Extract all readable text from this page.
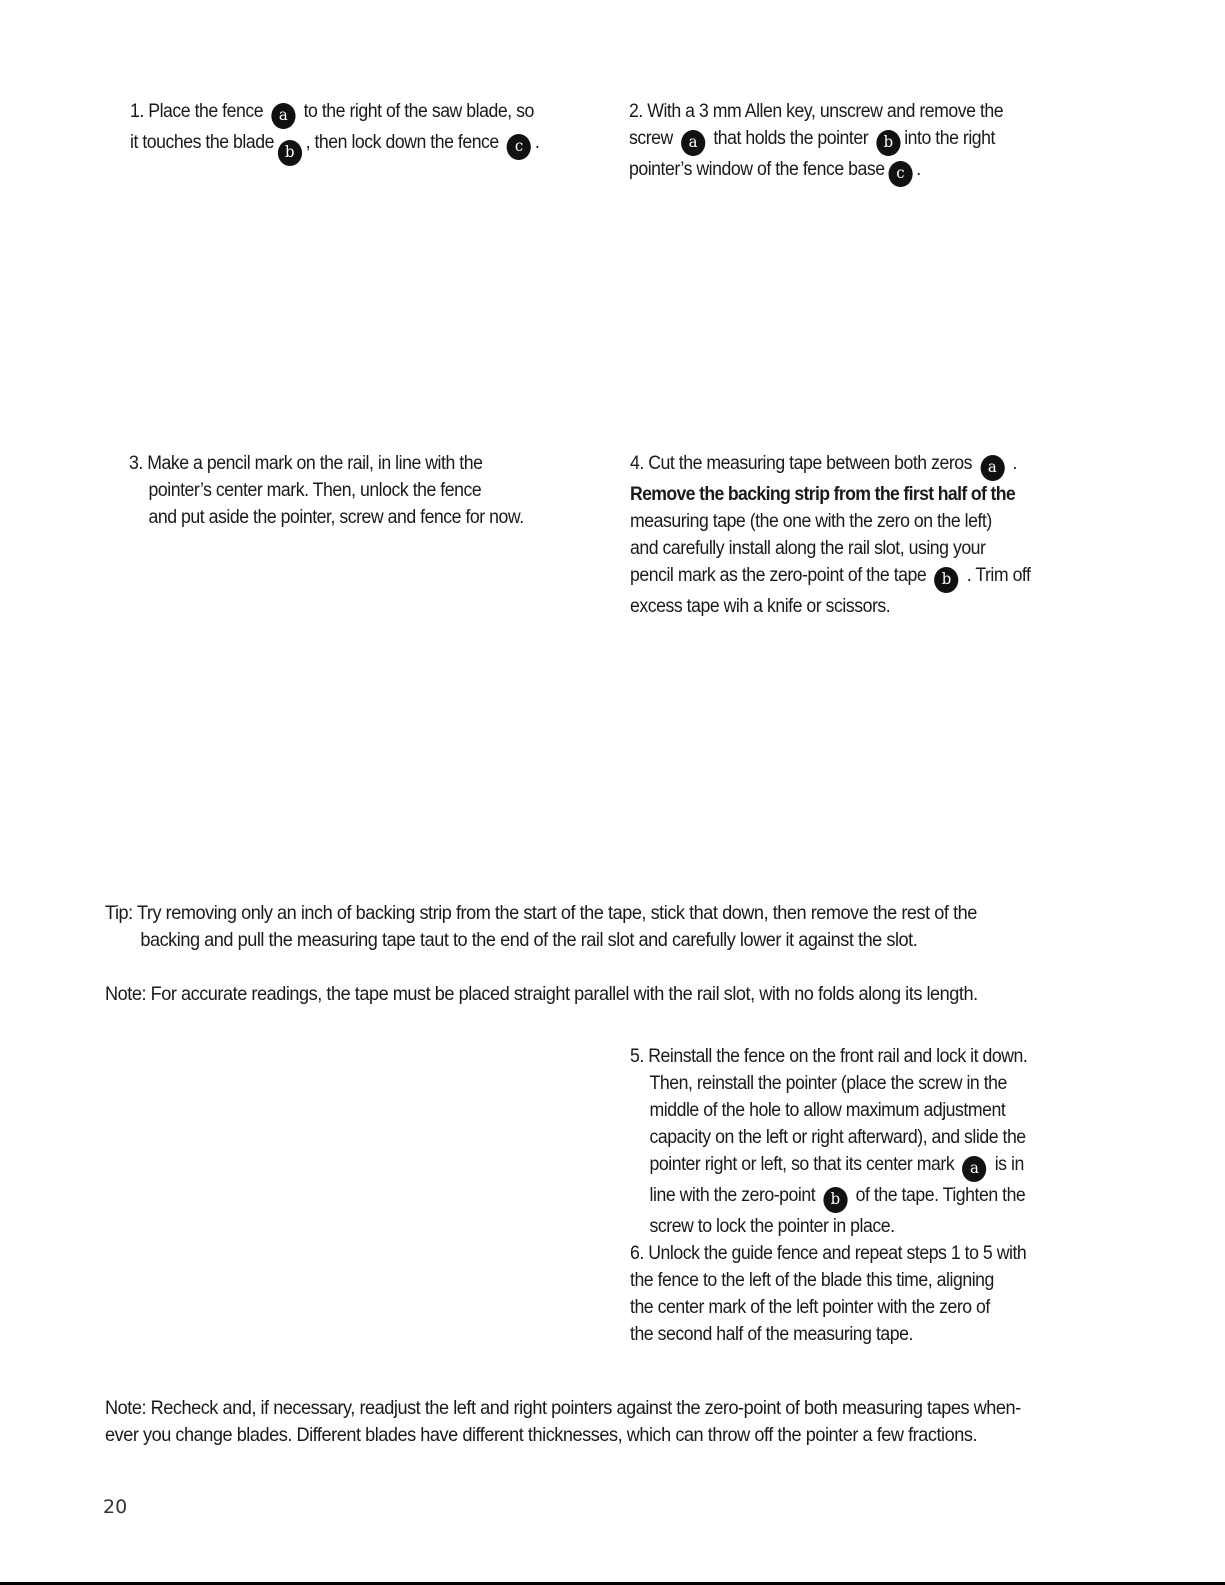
1. Place the fence a to the right of the saw blade, so
it touches the blade b , then lock down the fence c .
2. With a 3 mm Allen key, unscrew and remove the
screw a that holds the pointer b into the right
pointer’s window of the fence base c .
3. Make a pencil mark on the rail, in line with the
pointer’s center mark. Then, unlock the fence
and put aside the pointer, screw and fence for now.
4. Cut the measuring tape between both zeros a .
Remove the backing strip from the first half of the
measuring tape (the one with the zero on the left)
and carefully install along the rail slot, using your
pencil mark as the zero-point of the tape b . Trim off
excess tape wih a knife or scissors.
Tip: Try removing only an inch of backing strip from the start of the tape, stick that down, then remove the rest of the
backing and pull the measuring tape taut to the end of the rail slot and carefully lower it against the slot.
Note: For accurate readings, the tape must be placed straight parallel with the rail slot, with no folds along its length.
5. Reinstall the fence on the front rail and lock it down.
Then, reinstall the pointer (place the screw in the
middle of the hole to allow maximum adjustment
capacity on the left or right afterward), and slide the
pointer right or left, so that its center mark a is in
line with the zero-point b of the tape. Tighten the
screw to lock the pointer in place.
6. Unlock the guide fence and repeat steps 1 to 5 with
the fence to the left of the blade this time, aligning
the center mark of the left pointer with the zero of
the second half of the measuring tape.
Note: Recheck and, if necessary, readjust the left and right pointers against the zero-point of both measuring tapes when-
ever you change blades. Different blades have different thicknesses, which can throw off the pointer a few fractions.
20
